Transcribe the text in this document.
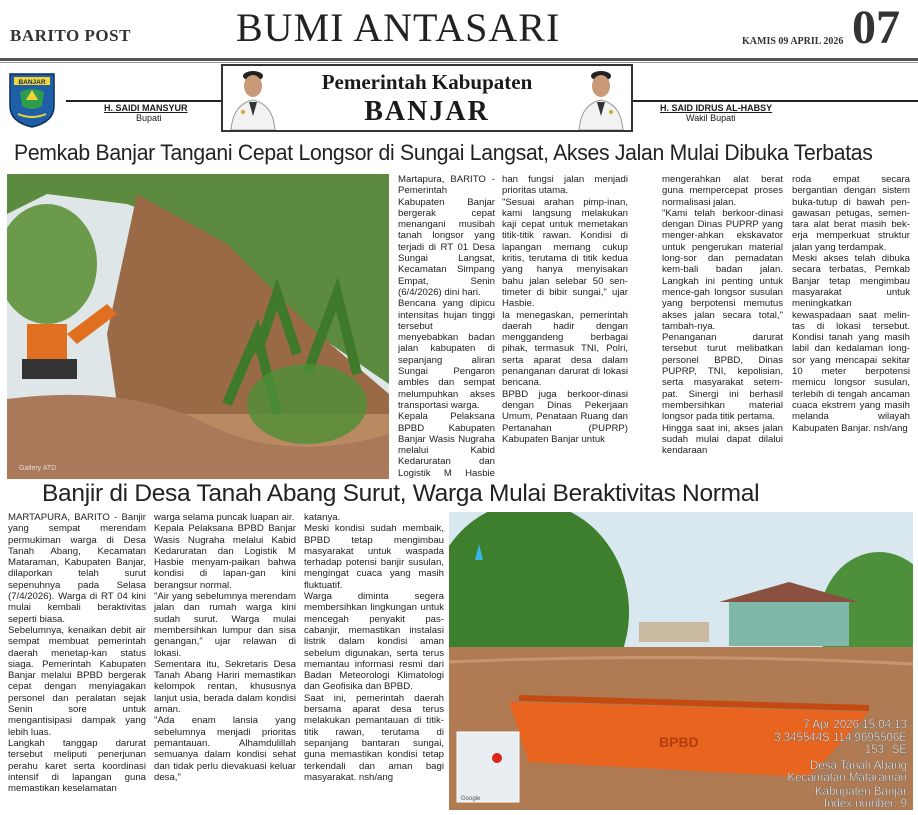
BARITO POST	BUMI ANTASARI	KAMIS 09 APRIL 2026 07
BANJAR
H. SAIDI MANSYUR
Bupati
H. SAID IDRUS AL-HABSY
Wakil Bupati
Pemerintah Kabupaten
BANJAR
Pemkab Banjar Tangani Cepat Longsor di Sungai Langsat, Akses Jalan Mulai Dibuka Terbatas
Gallery ATD
Martapura, BARITO - Pemerintah Kabupaten Banjar bergerak cepat menangani musibah tanah longsor yang terjadi di RT 01 Desa Sungai Langsat, Kecamatan Simpang Empat, Senin (6/4/2026) dini hari.
Bencana yang dipicu intensitas hujan tinggi tersebut menyebabkan badan jalan kabupaten di sepanjang aliran Sungai Pengaron ambles dan sempat melumpuhkan akses transportasi warga.
Kepala Pelaksana BPBD Kabupaten Banjar Wasis Nugraha melalui Kabid Kedaruratan dan Logistik M Hasbie
han fungsi jalan menjadi prioritas utama.
"Sesuai arahan pimp-inan, kami langsung melakukan kaji cepat untuk memetakan titik-titik rawan. Kondisi di lapangan memang cukup kritis, terutama di titik kedua yang hanya menyisakan bahu jalan selebar 50 sen-timeter di bibir sungai," ujar Hasbie.
Ia menegaskan, pemerintah daerah hadir dengan menggandeng berbagai pihak, termasuk TNI, Polri, serta aparat desa dalam penanganan darurat di lokasi bencana.
BPBD juga berkoor-dinasi dengan Dinas Pekerjaan Umum, Penataan Ruang dan Pertanahan (PUPRP) Kabupaten Banjar untuk
mengerahkan alat berat guna mempercepat proses normalisasi jalan.
"Kami telah berkoor-dinasi dengan Dinas PUPRP yang menger-ahkan ekskavator untuk pengerukan material long-sor dan pemadatan kem-bali badan jalan. Langkah ini penting untuk mence-gah longsor susulan yang berpotensi memutus akses jalan secara total," tambah-nya.
Penanganan darurat tersebut turut melibatkan personel BPBD, Dinas PUPRP, TNI, kepolisian, serta masyarakat setem-pat. Sinergi ini berhasil membersihkan material longsor pada titik pertama.
Hingga saat ini, akses jalan sudah mulai dapat dilalui kendaraan
roda empat secara bergantian dengan sistem buka-tutup di bawah pen-gawasan petugas, semen-tara alat berat masih bek-erja memperkuat struktur jalan yang terdampak.
Meski akses telah dibuka secara terbatas, Pemkab Banjar tetap mengimbau masyarakat untuk meningkatkan kewaspadaan saat melin-tas di lokasi tersebut. Kondisi tanah yang masih labil dan kedalaman long-sor yang mencapai sekitar 10 meter berpotensi memicu longsor susulan, terlebih di tengah ancaman cuaca ekstrem yang masih melanda wilayah Kabupaten Banjar. nsh/ang
Banjir di Desa Tanah Abang Surut, Warga Mulai Beraktivitas Normal
MARTAPURA, BARITO - Banjir yang sempat merendam permukiman warga di Desa Tanah Abang, Kecamatan Mataraman, Kabupaten Banjar, dilaporkan telah surut sepenuhnya pada Selasa (7/4/2026). Warga di RT 04 kini mulai kembali beraktivitas seperti biasa.
Sebelumnya, kenaikan debit air sempat membuat pemerintah daerah menetap-kan status siaga. Pemerintah Kabupaten Banjar melalui BPBD bergerak cepat dengan menyiagakan personel dan peralatan sejak Senin sore untuk mengantisipasi dampak yang lebih luas.
Langkah tanggap darurat tersebut meliputi penerjunan perahu karet serta koordinasi intensif di lapangan guna memastikan keselamatan
warga selama puncak luapan air.
Kepala Pelaksana BPBD Banjar Wasis Nugraha melalui Kabid Kedaruratan dan Logistik M Hasbie menyam-paikan bahwa kondisi di lapan-gan kini berangsur normal.
"Air yang sebelumnya merendam jalan dan rumah warga kini sudah surut. Warga mulai membersihkan lumpur dan sisa genangan," ujar relawan di lokasi.
Sementara itu, Sekretaris Desa Tanah Abang Hariri memastikan kelompok rentan, khususnya lanjut usia, berada dalam kondisi aman.
"Ada enam lansia yang sebelumnya menjadi prioritas pemantauan. Alhamdulillah semuanya dalam kondisi sehat dan tidak perlu dievakuasi keluar desa,"
katanya.
Meski kondisi sudah membaik, BPBD tetap mengimbau masyarakat untuk waspada terhadap potensi banjir susulan, mengingat cuaca yang masih fluktuatif.
Warga diminta segera membersihkan lingkungan untuk mencegah penyakit pas-cabanjir, memastikan instalasi listrik dalam kondisi aman sebelum digunakan, serta terus memantau informasi resmi dari Badan Meteorologi Klimatologi dan Geofisika dan BPBD.
Saat ini, pemerintah daerah bersama aparat desa terus melakukan pemantauan di titik-titik rawan, terutama di sepanjang bantaran sungai, guna memastikan kondisi tetap terkendali dan aman bagi masyarakat. nsh/ang
BPBD
Google
7 Apr 2026 15.04.13
3.345544S 114.9695506E
153° SE
Desa Tanah Abang
Kecamatan Mataraman
Kabupaten Banjar
Index number: 9
